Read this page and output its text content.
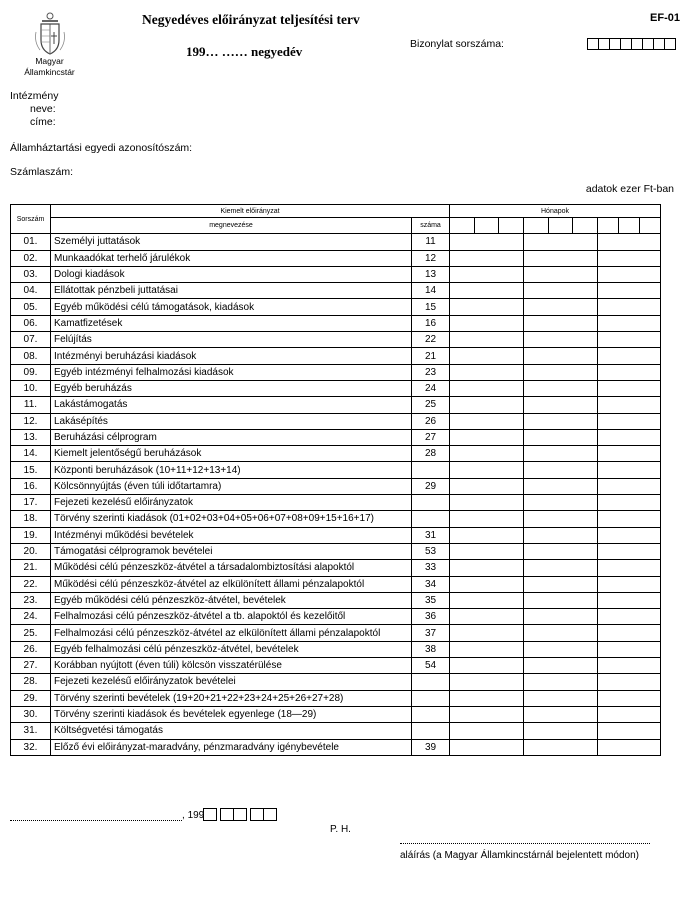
Magyar
Államkincstár
Negyedéves előirányzat teljesítési terv
199… …… negyedév
EF-01
Bizonylat sorszáma:
Intézmény
neve:
címe:
Államháztartási egyedi azonosítószám:
Számlaszám:
adatok ezer Ft-ban
Sorszám	Kiemelt előirányzat		Hónapok		
	megnevezése	száma	

01.	Személyi juttatások	11			
02.	Munkaadókat terhelő járulékok	12			
03.	Dologi kiadások	13			
04.	Ellátottak pénzbeli juttatásai	14			
05.	Egyéb működési célú támogatások, kiadások	15			
06.	Kamatfizetések	16			
07.	Felújítás	22			
08.	Intézményi beruházási kiadások	21			
09.	Egyéb intézményi felhalmozási kiadások	23			
10.	Egyéb beruházás	24			
11.	Lakástámogatás	25			
12.	Lakásépítés	26			
13.	Beruházási célprogram	27			
14.	Kiemelt jelentőségű beruházások	28			
15.	Központi beruházások (10+11+12+13+14)				
16.	Kölcsönnyújtás (éven túli időtartamra)	29			
17.	Fejezeti kezelésű előirányzatok				
18.	Törvény szerinti kiadások (01+02+03+04+05+06+07+08+09+15+16+17)				
19.	Intézményi működési bevételek	31			
20.	Támogatási célprogramok bevételei	53			
21.	Működési célú pénzeszköz-átvétel a társadalombiztosítási alapoktól	33			
22.	Működési célú pénzeszköz-átvétel az elkülönített állami pénzalapoktól	34			
23.	Egyéb működési célú pénzeszköz-átvétel, bevételek	35			
24.	Felhalmozási célú pénzeszköz-átvétel a tb. alapoktól és kezelőitől	36			
25.	Felhalmozási célú pénzeszköz-átvétel az elkülönített állami pénzalapoktól	37			
26.	Egyéb felhalmozási célú pénzeszköz-átvétel, bevételek	38			
27.	Korábban nyújtott (éven túli) kölcsön visszatérülése	54			
28.	Fejezeti kezelésű előirányzatok bevételei				
29.	Törvény szerinti bevételek (19+20+21+22+23+24+25+26+27+28)				
30.	Törvény szerinti kiadások és bevételek egyenlege (18—29)				
31.	Költségvetési támogatás				
32.	Előző évi előirányzat-maradvány, pénzmaradvány igénybevétele	39			
, 199
P. H.
aláírás (a Magyar Államkincstárnál bejelentett módon)
